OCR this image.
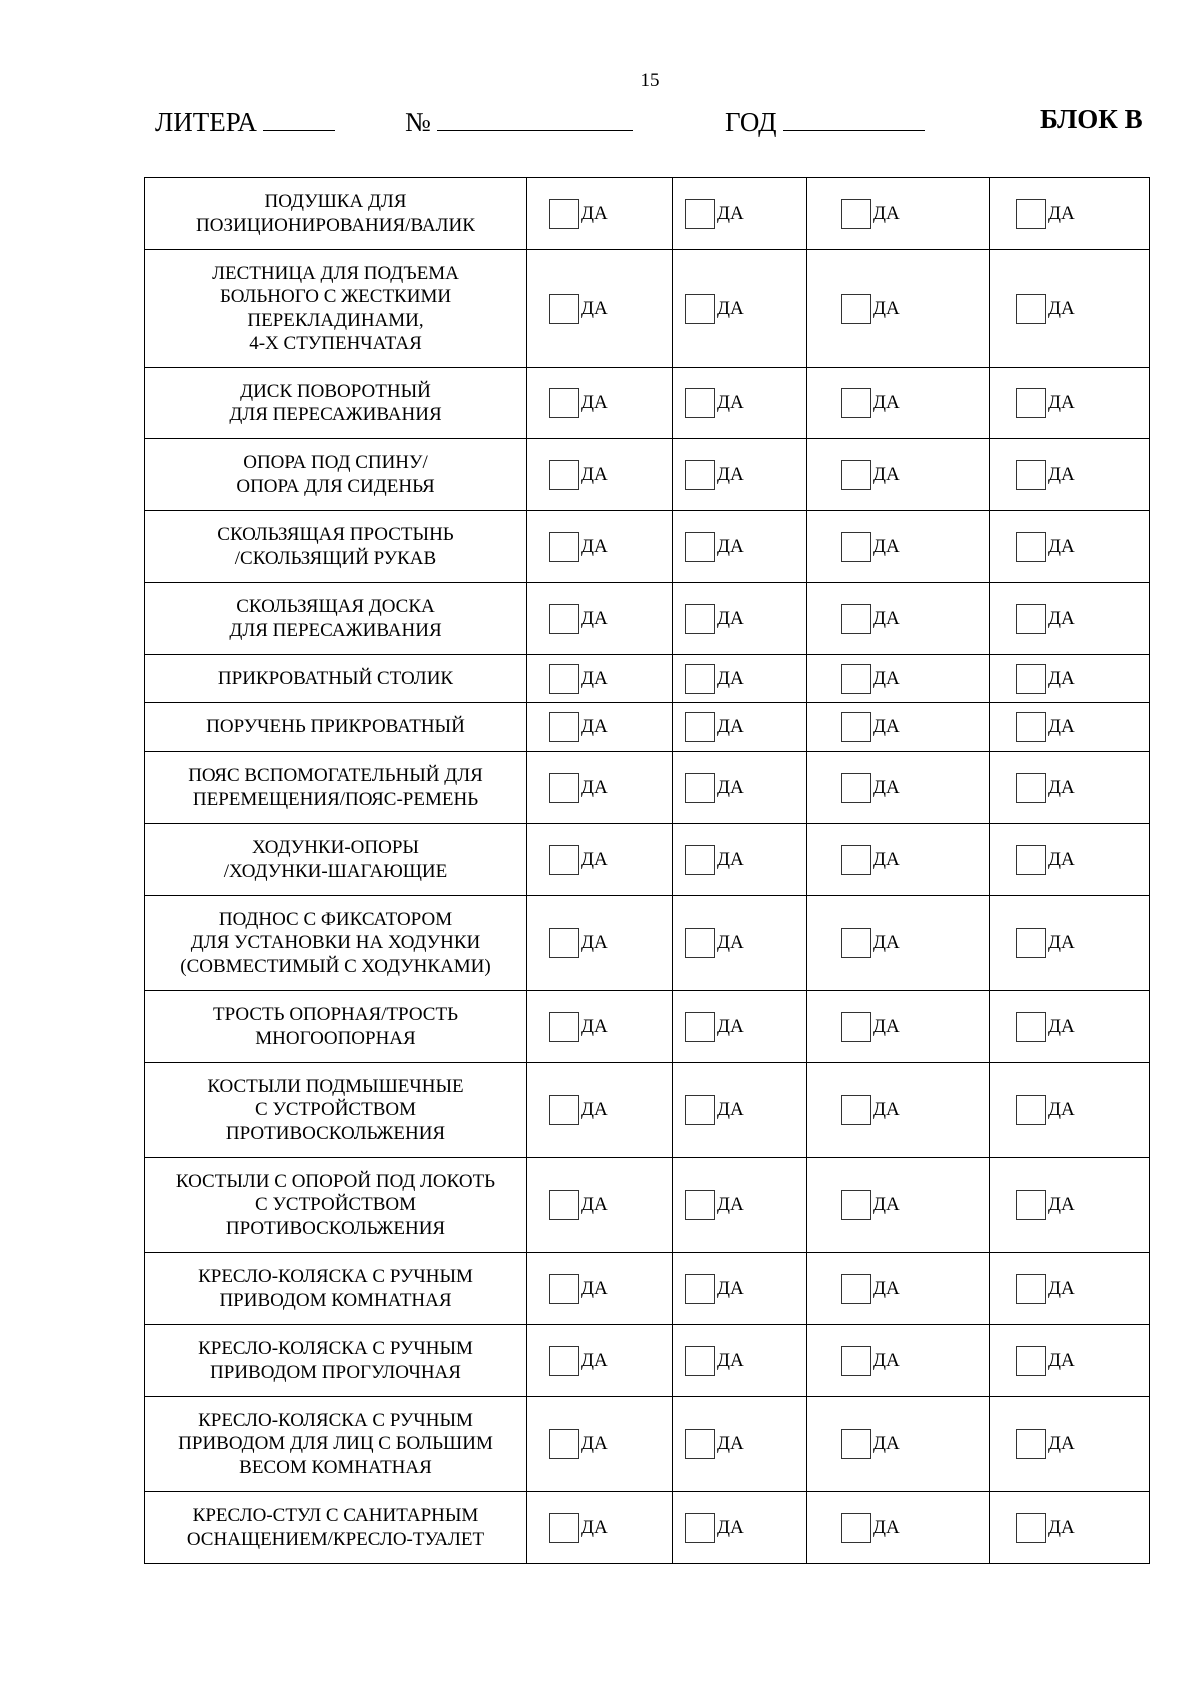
15
ЛИТЕРА	№	ГОД	БЛОК В
ПОДУШКА ДЛЯ
ПОЗИЦИОНИРОВАНИЯ/ВАЛИК	ДА	ДА	ДА	ДА

ЛЕСТНИЦА ДЛЯ ПОДЪЕМА
БОЛЬНОГО С ЖЕСТКИМИ
ПЕРЕКЛАДИНАМИ,
4-Х СТУПЕНЧАТАЯ	ДА	ДА	ДА	ДА

ДИСК ПОВОРОТНЫЙ
ДЛЯ ПЕРЕСАЖИВАНИЯ	ДА	ДА	ДА	ДА

ОПОРА ПОД СПИНУ/
ОПОРА ДЛЯ СИДЕНЬЯ	ДА	ДА	ДА	ДА

СКОЛЬЗЯЩАЯ ПРОСТЫНЬ
/СКОЛЬЗЯЩИЙ РУКАВ	ДА	ДА	ДА	ДА

СКОЛЬЗЯЩАЯ ДОСКА
ДЛЯ ПЕРЕСАЖИВАНИЯ	ДА	ДА	ДА	ДА

ПРИКРОВАТНЫЙ СТОЛИК	ДА	ДА	ДА	ДА

ПОРУЧЕНЬ ПРИКРОВАТНЫЙ	ДА	ДА	ДА	ДА

ПОЯС ВСПОМОГАТЕЛЬНЫЙ ДЛЯ
ПЕРЕМЕЩЕНИЯ/ПОЯС-РЕМЕНЬ	ДА	ДА	ДА	ДА

ХОДУНКИ-ОПОРЫ
/ХОДУНКИ-ШАГАЮЩИЕ	ДА	ДА	ДА	ДА

ПОДНОС С ФИКСАТОРОМ
ДЛЯ УСТАНОВКИ НА ХОДУНКИ
(СОВМЕСТИМЫЙ С ХОДУНКАМИ)	ДА	ДА	ДА	ДА

ТРОСТЬ ОПОРНАЯ/ТРОСТЬ
МНОГООПОРНАЯ	ДА	ДА	ДА	ДА

КОСТЫЛИ ПОДМЫШЕЧНЫЕ
С УСТРОЙСТВОМ
ПРОТИВОСКОЛЬЖЕНИЯ	ДА	ДА	ДА	ДА

КОСТЫЛИ С ОПОРОЙ ПОД ЛОКОТЬ
С УСТРОЙСТВОМ
ПРОТИВОСКОЛЬЖЕНИЯ	ДА	ДА	ДА	ДА

КРЕСЛО-КОЛЯСКА С РУЧНЫМ
ПРИВОДОМ КОМНАТНАЯ	ДА	ДА	ДА	ДА

КРЕСЛО-КОЛЯСКА С РУЧНЫМ
ПРИВОДОМ ПРОГУЛОЧНАЯ	ДА	ДА	ДА	ДА

КРЕСЛО-КОЛЯСКА С РУЧНЫМ
ПРИВОДОМ ДЛЯ ЛИЦ С БОЛЬШИМ
ВЕСОМ КОМНАТНАЯ	ДА	ДА	ДА	ДА

КРЕСЛО-СТУЛ С САНИТАРНЫМ
ОСНАЩЕНИЕМ/КРЕСЛО-ТУАЛЕТ	ДА	ДА	ДА	ДА
